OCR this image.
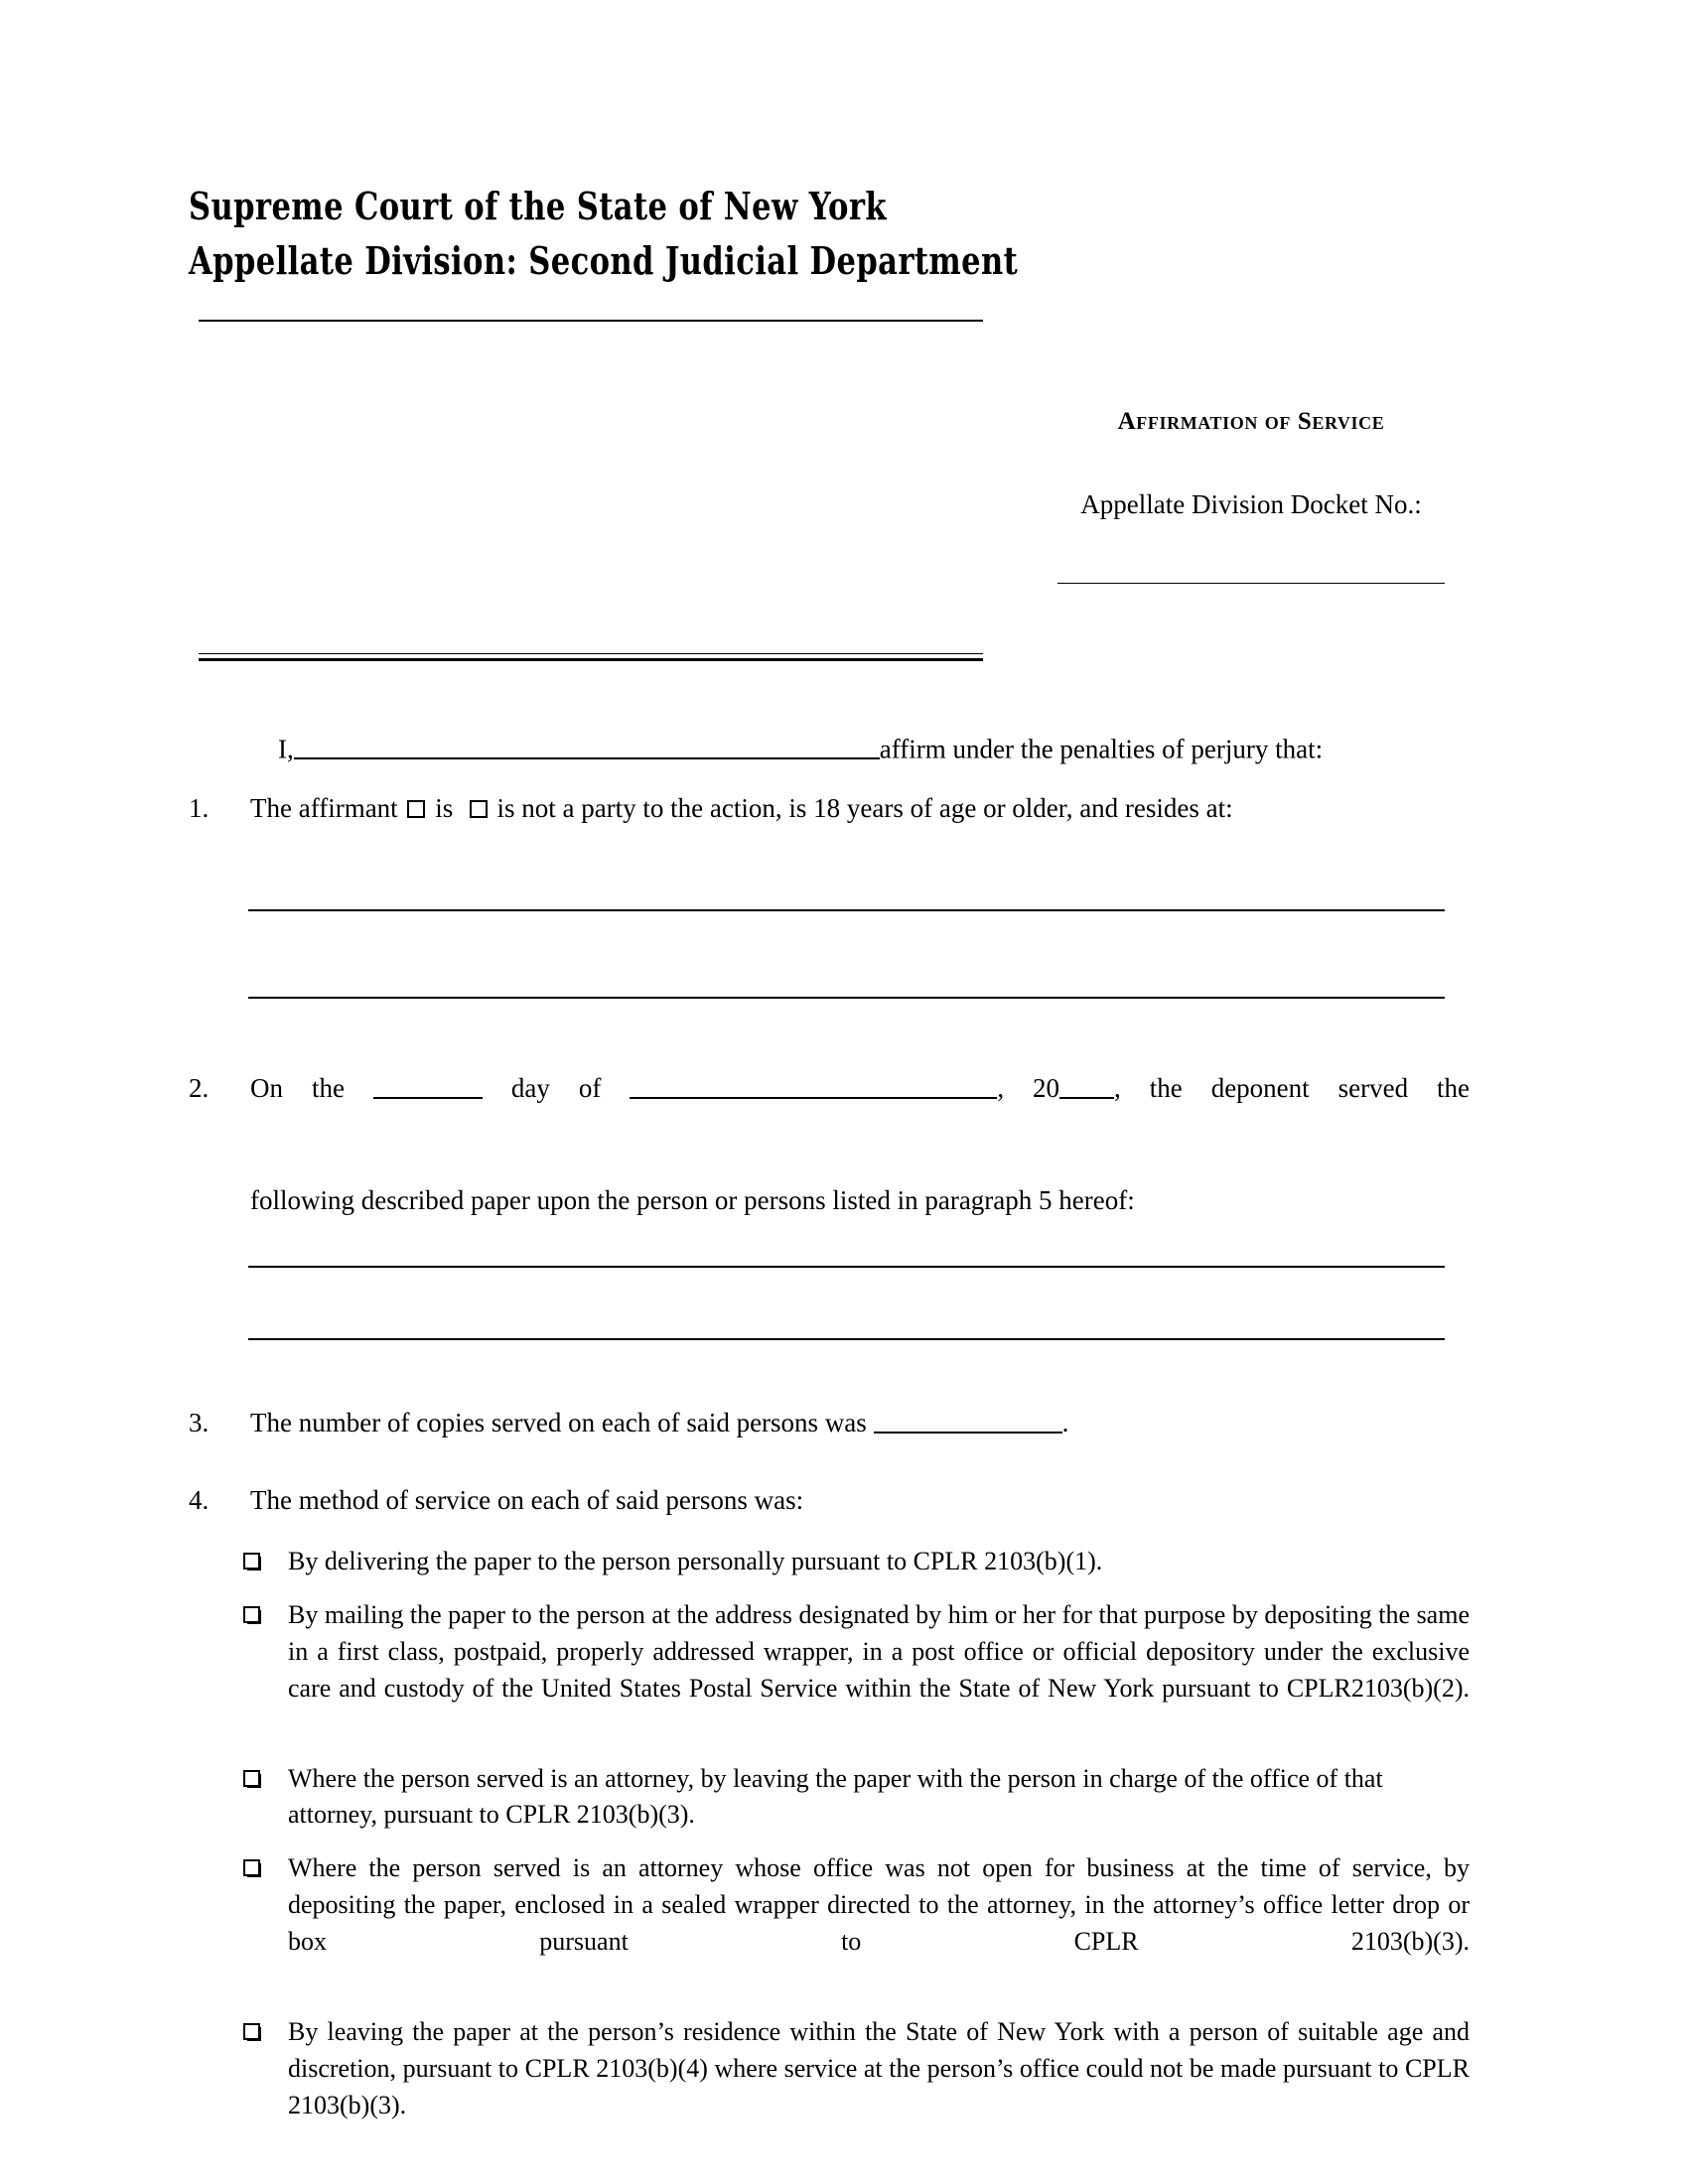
Supreme Court of the State of New York
Appellate Division: Second Judicial Department
Affirmation of Service
Appellate Division Docket No.:
I,	affirm under the penalties of perjury that:
1.	The affirmant is is not a party to the action, is 18 years of age or older, and resides at:
2.	On the	day of	, 20 , the deponent served the
following described paper upon the person or persons listed in paragraph 5 hereof:
3.	The number of copies served on each of said persons was	.
4.	The method of service on each of said persons was:
By delivering the paper to the person personally pursuant to CPLR 2103(b)(1).
By mailing the paper to the person at the address designated by him or her for that purpose by depositing the same in a first class, postpaid, properly addressed wrapper, in a post office or official depository under the exclusive care and custody of the United States Postal Service within the State of New York pursuant to CPLR2103(b)(2).
Where the person served is an attorney, by leaving the paper with the person in charge of the office of that attorney, pursuant to CPLR 2103(b)(3).
Where the person served is an attorney whose office was not open for business at the time of service, by depositing the paper, enclosed in a sealed wrapper directed to the attorney, in the attorney’s office letter drop or box pursuant to CPLR 2103(b)(3).
By leaving the paper at the person’s residence within the State of New York with a person of suitable age and discretion, pursuant to CPLR 2103(b)(4) where service at the person’s office could not be made pursuant to CPLR 2103(b)(3).
